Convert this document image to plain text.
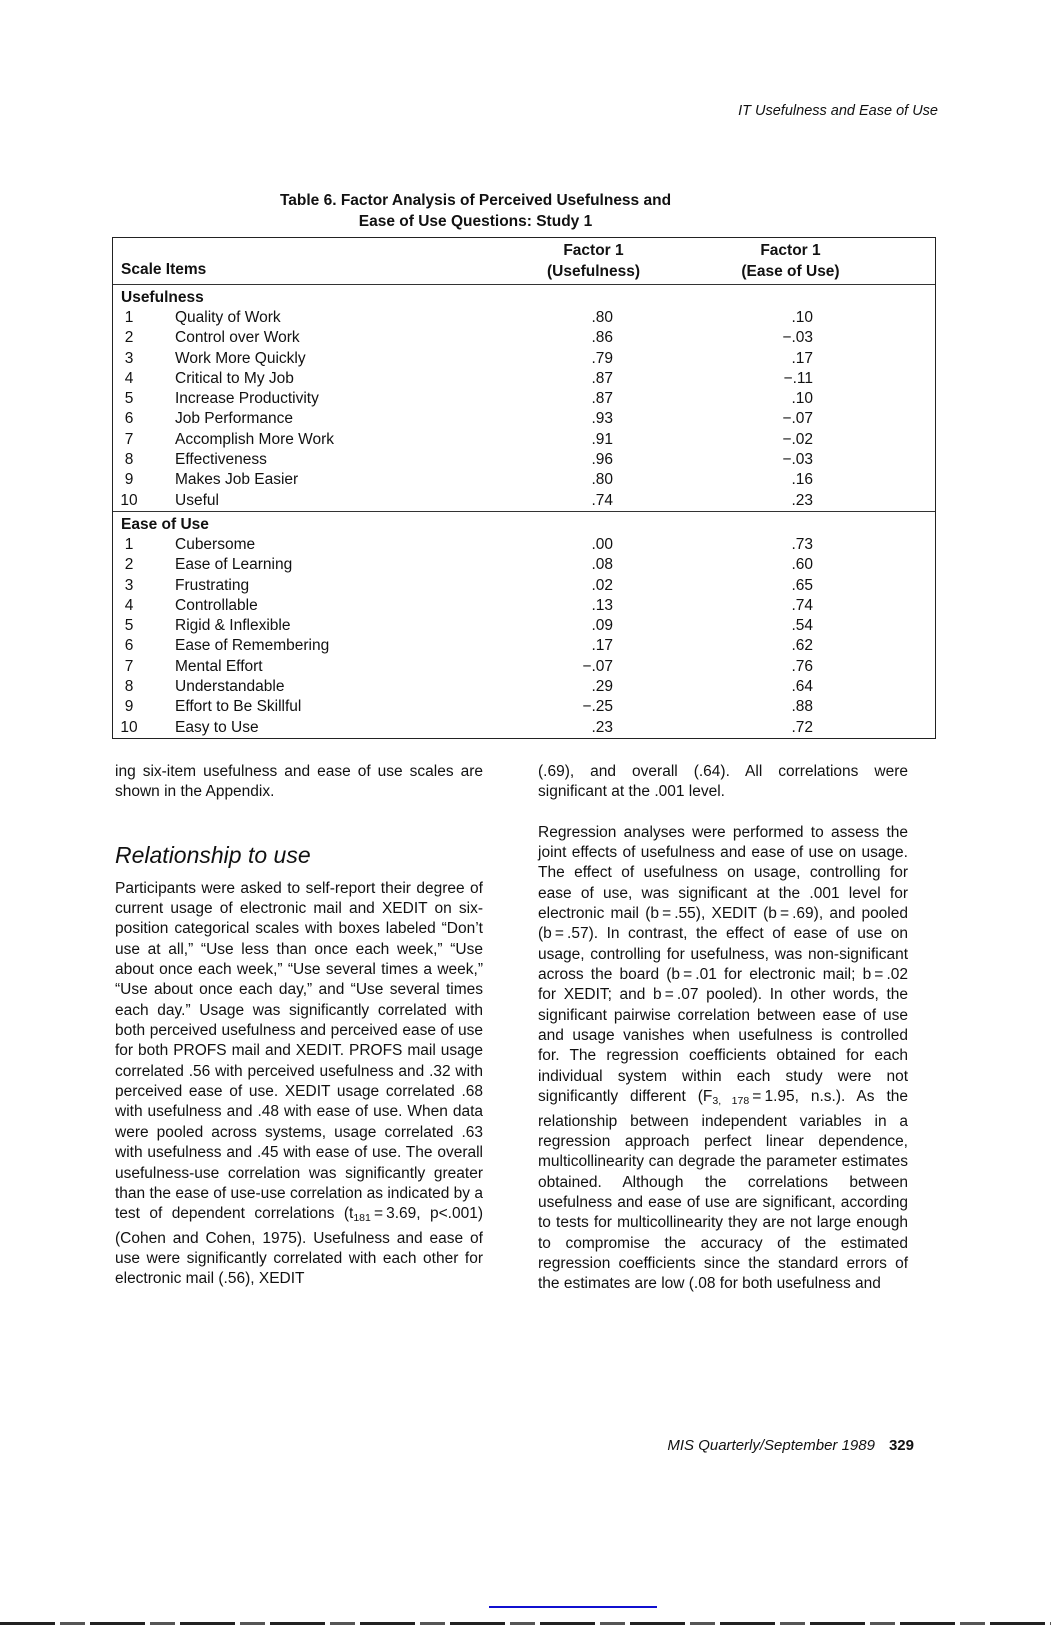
IT Usefulness and Ease of Use
Table 6. Factor Analysis of Perceived Usefulness and
Ease of Use Questions: Study 1
Scale Items
Factor 1
(Usefulness)
Factor 1
(Ease of Use)
Usefulness
1	Quality of Work	.80	.10
2	Control over Work	.86	−.03
3	Work More Quickly	.79	.17
4	Critical to My Job	.87	−.11
5	Increase Productivity	.87	.10
6	Job Performance	.93	−.07
7	Accomplish More Work	.91	−.02
8	Effectiveness	.96	−.03
9	Makes Job Easier	.80	.16
10 Useful	.74	.23
Ease of Use
1	Cubersome	.00	.73
2	Ease of Learning	.08	.60
3	Frustrating	.02	.65
4	Controllable	.13	.74
5	Rigid & Inflexible	.09	.54
6	Ease of Remembering	.17	.62
7	Mental Effort	−.07	.76
8	Understandable	.29	.64
9	Effort to Be Skillful	−.25	.88
10 Easy to Use	.23	.72

ing six-item usefulness and ease of use scales are shown in the Appendix.

Relationship to use

Participants were asked to self-report their degree of current usage of electronic mail and XEDIT on six-position categorical scales with boxes labeled “Don’t use at all,” “Use less than once each week,” “Use about once each week,” “Use several times a week,” “Use about once each day,” and “Use several times each day.” Usage was significantly correlated with both perceived usefulness and perceived ease of use for both PROFS mail and XEDIT. PROFS mail usage correlated .56 with perceived usefulness and .32 with perceived ease of use. XEDIT usage correlated .68 with usefulness and .48 with ease of use. When data were pooled across systems, usage correlated .63 with usefulness and .45 with ease of use. The overall usefulness-use correlation was significantly greater than the ease of use-use correlation as indicated by a test of dependent correlations ($t_{181} = 3.69$, p<.001) (Cohen and Cohen, 1975). Usefulness and ease of use were significantly correlated with each other for electronic mail (.56), XEDIT

(.69), and overall (.64). All correlations were significant at the .001 level.

Regression analyses were performed to assess the joint effects of usefulness and ease of use on usage. The effect of usefulness on usage, controlling for ease of use, was significant at the .001 level for electronic mail (b = .55), XEDIT (b = .69), and pooled (b = .57). In contrast, the effect of ease of use on usage, controlling for usefulness, was non-significant across the board (b = .01 for electronic mail; b = .02 for XEDIT; and b = .07 pooled). In other words, the significant pairwise correlation between ease of use and usage vanishes when usefulness is controlled for. The regression coefficients obtained for each individual system within each study were not significantly different ($F_{3, 178} = 1.95$, n.s.). As the relationship between independent variables in a regression approach perfect linear dependence, multicollinearity can degrade the parameter estimates obtained. Although the correlations between usefulness and ease of use are significant, according to tests for multicollinearity they are not large enough to compromise the accuracy of the estimated regression coefficients since the standard errors of the estimates are low (.08 for both usefulness and

MIS Quarterly/September 1989 329
